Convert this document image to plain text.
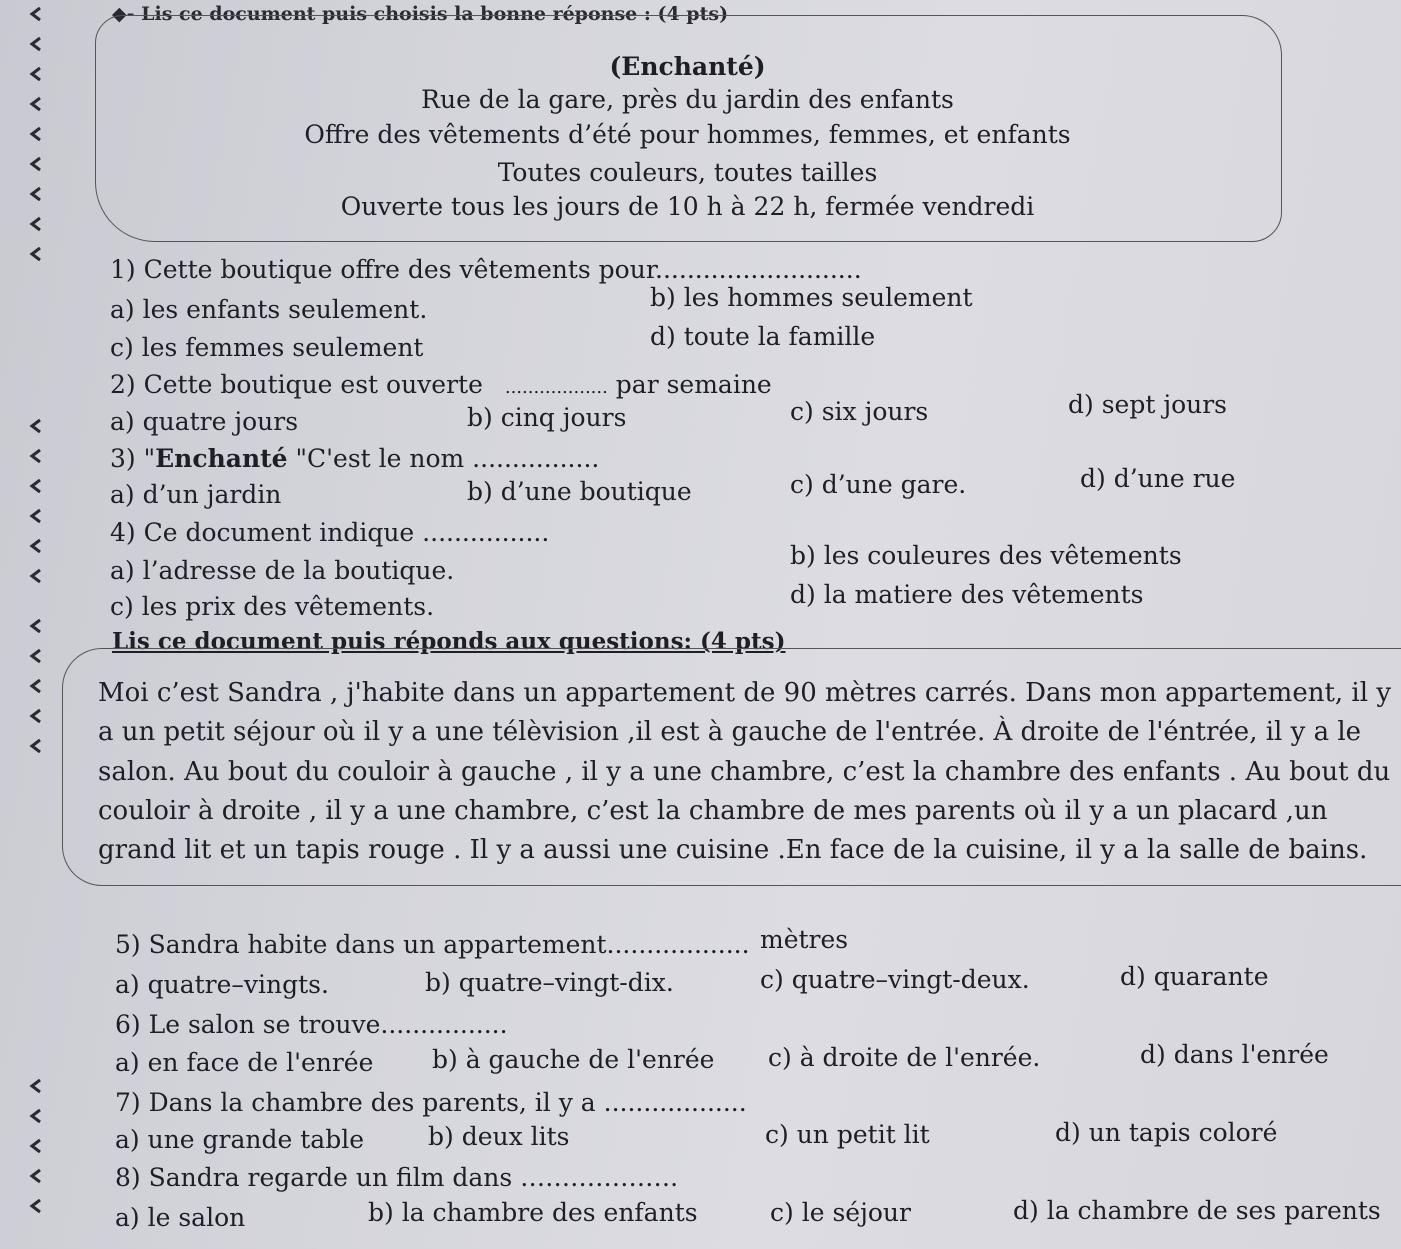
◆- Lis ce document puis choisis la bonne réponse : (4 pts)
(Enchanté)
Rue de la gare, près du jardin des enfants
Offre des vêtements d’été pour hommes, femmes, et enfants
Toutes couleurs, toutes tailles
Ouverte tous les jours de 10 h à 22 h, fermée vendredi
1) Cette boutique offre des vêtements pour..........................
a) les enfants seulement.	b) les hommes seulement
c) les femmes seulement	d) toute la famille
2) Cette boutique est ouverte .................. par semaine
a) quatre jours	b) cinq jours	c) six jours	d) sept jours
3) "Enchanté "C'est le nom ................
a) d’un jardin	b) d’une boutique	c) d’une gare.	d) d’une rue
4) Ce document indique ................
a) l’adresse de la boutique.
b) les couleures des vêtements
c) les prix des vêtements.	d) la matiere des vêtements
Lis ce document puis réponds aux questions: (4 pts)
Moi c’est Sandra , j'habite dans un appartement de 90 mètres carrés. Dans mon appartement, il y
a un petit séjour où il y a une télèvision ,il est à gauche de l'entrée. À droite de l'éntrée, il y a le
salon. Au bout du couloir à gauche , il y a une chambre, c’est la chambre des enfants . Au bout du
couloir à droite , il y a une chambre, c’est la chambre de mes parents où il y a un placard ,un
grand lit et un tapis rouge . Il y a aussi une cuisine .En face de la cuisine, il y a la salle de bains.
5) Sandra habite dans un appartement.................. mètres
a) quatre–vingts.	b) quatre–vingt-dix.	c) quatre–vingt-deux.	d) quarante
6) Le salon se trouve................
a) en face de l'enrée b) à gauche de l'enrée c) à droite de l'enrée.	d) dans l'enrée
7) Dans la chambre des parents, il y a ..................
a) une grande table	b) deux lits	c) un petit lit	d) un tapis coloré
8) Sandra regarde un film dans ……………….
a) le salon	b) la chambre des enfants	c) le séjour	d) la chambre de ses parents
